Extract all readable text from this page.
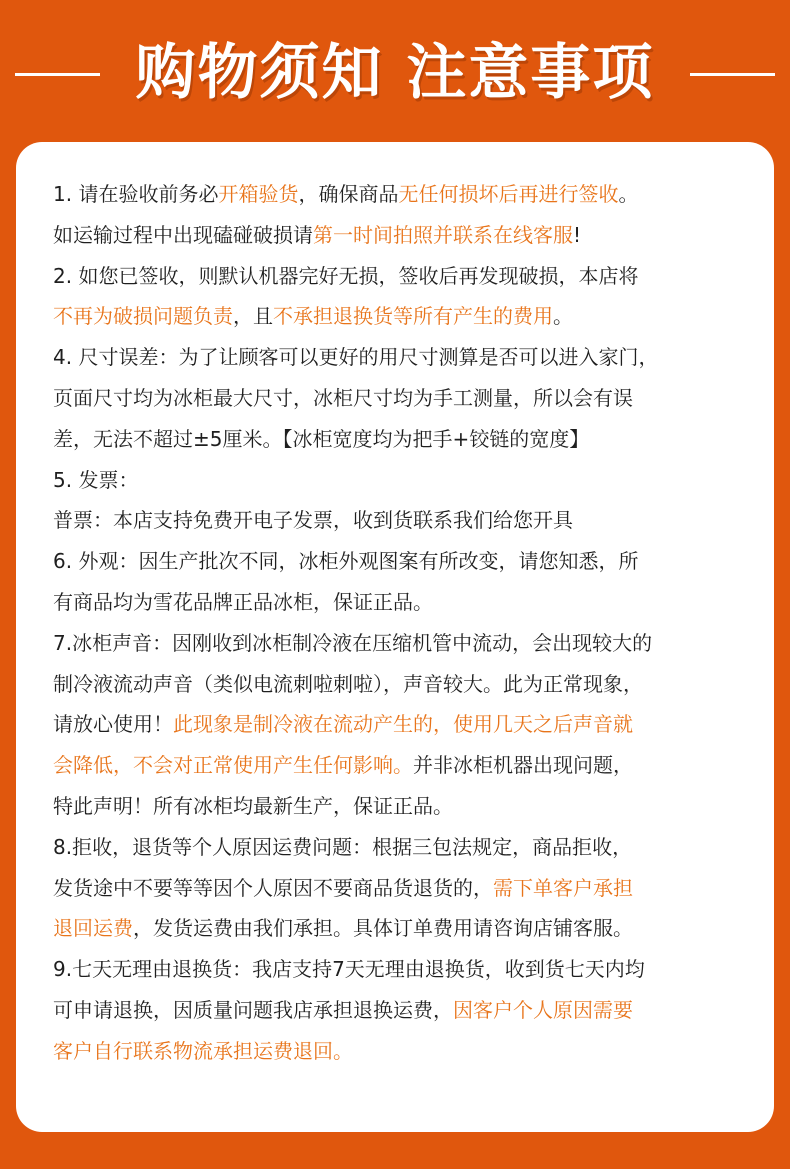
购物须知 注意事项
1. 请在验收前务必开箱验货，确保商品无任何损坏后再进行签收。
如运输过程中出现磕碰破损请第一时间拍照并联系在线客服!
2. 如您已签收，则默认机器完好无损，签收后再发现破损，本店将
不再为破损问题负责，且不承担退换货等所有产生的费用。
4. 尺寸误差：为了让顾客可以更好的用尺寸测算是否可以进入家门，
页面尺寸均为冰柜最大尺寸，冰柜尺寸均为手工测量，所以会有误
差，无法不超过±5厘米。【冰柜宽度均为把手+铰链的宽度】
5. 发票：
普票：本店支持免费开电子发票，收到货联系我们给您开具
6. 外观：因生产批次不同，冰柜外观图案有所改变，请您知悉，所
有商品均为雪花品牌正品冰柜，保证正品。
7.冰柜声音：因刚收到冰柜制冷液在压缩机管中流动，会出现较大的
制冷液流动声音（类似电流刺啦刺啦），声音较大。此为正常现象，
请放心使用！此现象是制冷液在流动产生的，使用几天之后声音就
会降低，不会对正常使用产生任何影响。并非冰柜机器出现问题，
特此声明！所有冰柜均最新生产，保证正品。
8.拒收，退货等个人原因运费问题：根据三包法规定，商品拒收，
发货途中不要等等因个人原因不要商品货退货的，需下单客户承担
退回运费，发货运费由我们承担。具体订单费用请咨询店铺客服。
9.七天无理由退换货：我店支持7天无理由退换货，收到货七天内均
可申请退换，因质量问题我店承担退换运费，因客户个人原因需要
客户自行联系物流承担运费退回。
